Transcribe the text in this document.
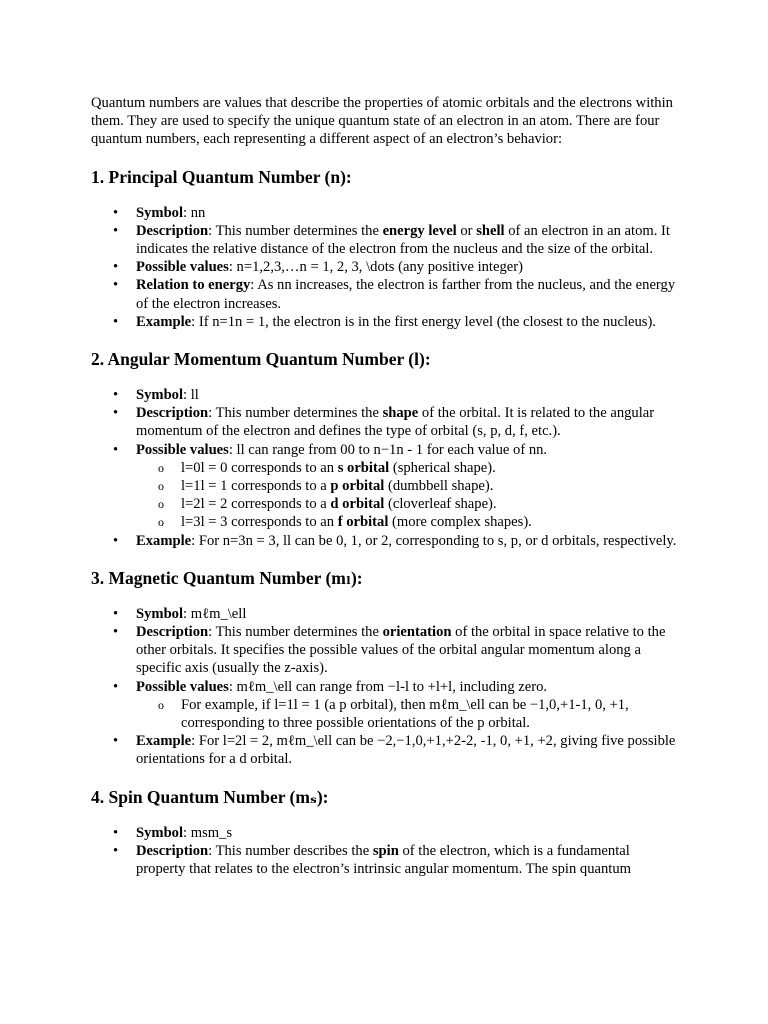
Quantum numbers are values that describe the properties of atomic orbitals and the electrons within them. They are used to specify the unique quantum state of an electron in an atom. There are four quantum numbers, each representing a different aspect of an electron’s behavior:

1. Principal Quantum Number (n):
• Symbol: nn
• Description: This number determines the energy level or shell of an electron in an atom. It indicates the relative distance of the electron from the nucleus and the size of the orbital.
• Possible values: n=1,2,3,…n = 1, 2, 3, \dots (any positive integer)
• Relation to energy: As nn increases, the electron is farther from the nucleus, and the energy of the electron increases.
• Example: If n=1n = 1, the electron is in the first energy level (the closest to the nucleus).
2. Angular Momentum Quantum Number (l):
• Symbol: ll
• Description: This number determines the shape of the orbital. It is related to the angular momentum of the electron and defines the type of orbital (s, p, d, f, etc.).
• Possible values: ll can range from 00 to n−1n - 1 for each value of nn.
o l=0l = 0 corresponds to an s orbital (spherical shape).
o l=1l = 1 corresponds to a p orbital (dumbbell shape).
o l=2l = 2 corresponds to a d orbital (cloverleaf shape).
o l=3l = 3 corresponds to an f orbital (more complex shapes).
• Example: For n=3n = 3, ll can be 0, 1, or 2, corresponding to s, p, or d orbitals, respectively.
3. Magnetic Quantum Number (mₗ):
• Symbol: mℓm_\ell
• Description: This number determines the orientation of the orbital in space relative to the other orbitals. It specifies the possible values of the orbital angular momentum along a specific axis (usually the z-axis).
• Possible values: mℓm_\ell can range from −l-l to +l+l, including zero.
o For example, if l=1l = 1 (a p orbital), then mℓm_\ell can be −1,0,+1-1, 0, +1, corresponding to three possible orientations of the p orbital.
• Example: For l=2l = 2, mℓm_\ell can be −2,−1,0,+1,+2-2, -1, 0, +1, +2, giving five possible orientations for a d orbital.
4. Spin Quantum Number (mₛ):
• Symbol: msm_s
• Description: This number describes the spin of the electron, which is a fundamental property that relates to the electron’s intrinsic angular momentum. The spin quantum
